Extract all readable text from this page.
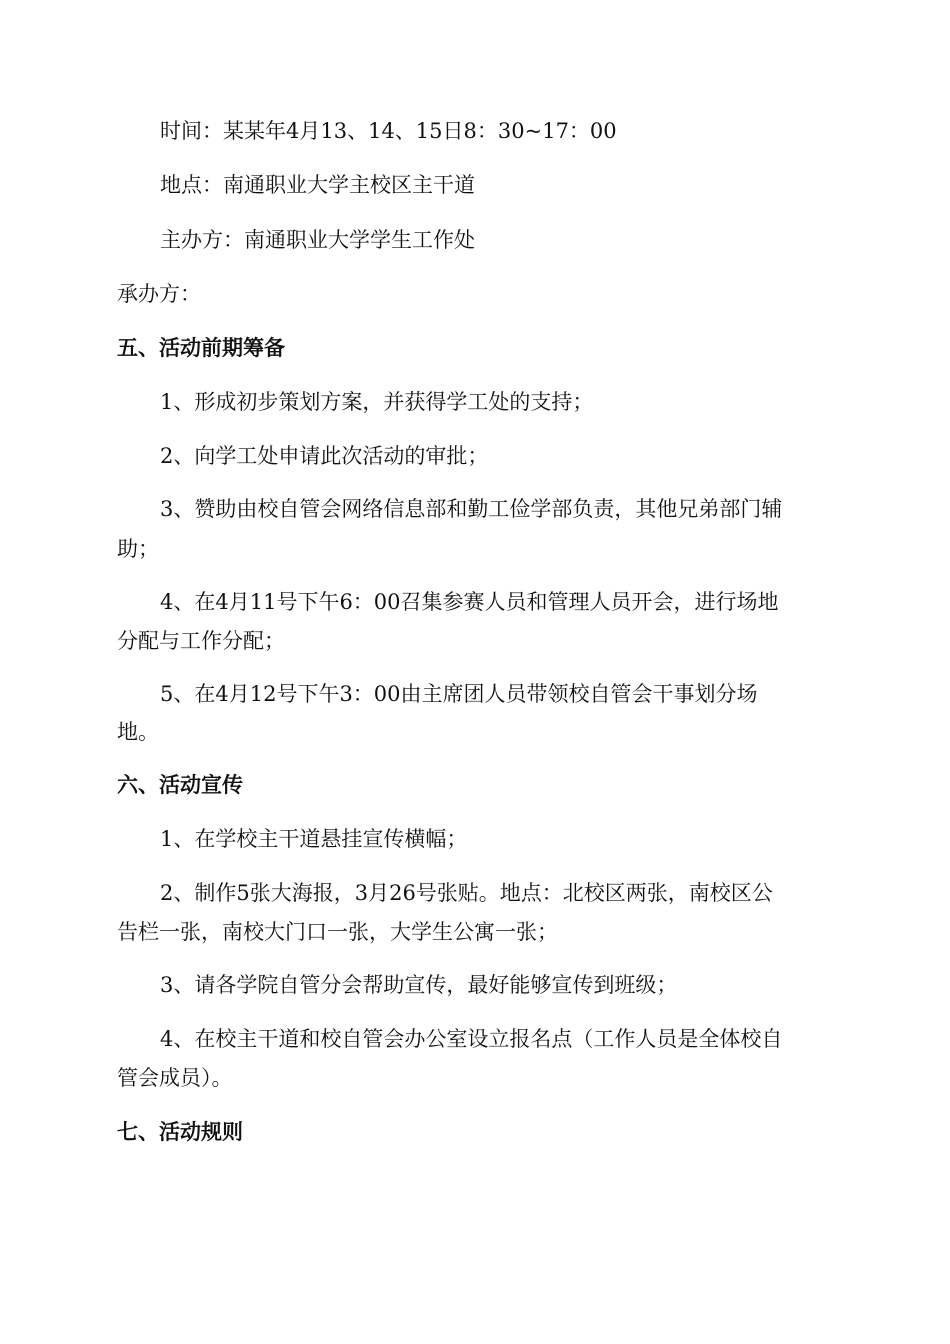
时间：某某年4月13、14、15日8：30~17：00

地点：南通职业大学主校区主干道

主办方：南通职业大学学生工作处

承办方：

五、活动前期筹备

1、形成初步策划方案，并获得学工处的支持；

2、向学工处申请此次活动的审批；

3、赞助由校自管会网络信息部和勤工俭学部负责，其他兄弟部门辅

助；

4、在4月11号下午6：00召集参赛人员和管理人员开会，进行场地

分配与工作分配；

5、在4月12号下午3：00由主席团人员带领校自管会干事划分场

地。

六、活动宣传

1、在学校主干道悬挂宣传横幅；

2、制作5张大海报，3月26号张贴。地点：北校区两张，南校区公

告栏一张，南校大门口一张，大学生公寓一张；

3、请各学院自管分会帮助宣传，最好能够宣传到班级；

4、在校主干道和校自管会办公室设立报名点（工作人员是全体校自

管会成员）。

七、活动规则
